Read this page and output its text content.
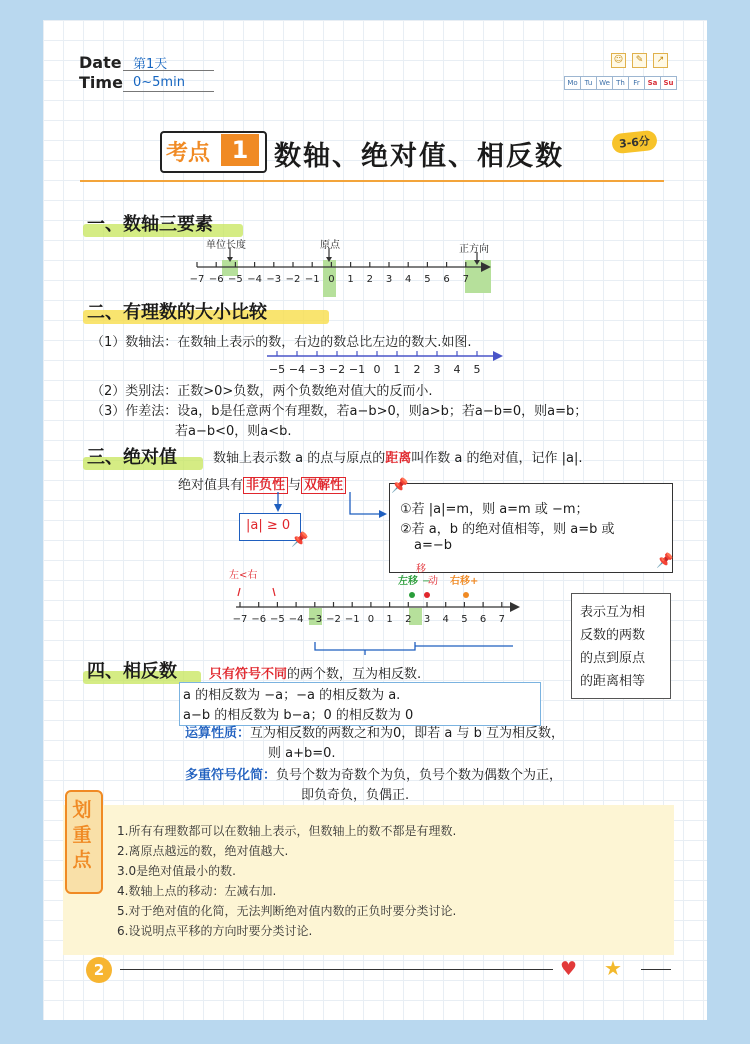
Date 第1天
Time 0~5min
☺	✎	↗
Mo	Tu We Th	Fr	Sa Su
考点 1 数轴、绝对值、相反数	3-6分
一、数轴三要素
单位长度	原点	正方向
−7 −6 −5 −4 −3 −2 −1 0 1 2 3 4 5 6 7
二、有理数的大小比较
（1）数轴法：在数轴上表示的数，右边的数总比左边的数大.如图.
−5 −4 −3 −2 −1 0 1 2 3 4 5
（2）类别法：正数>0>负数，两个负数绝对值大的反而小.
（3）作差法：设a，b是任意两个有理数，若a−b>0，则a>b；若a−b=0，则a=b；
若a−b<0，则a<b.
三、绝对值	数轴上表示数 a 的点与原点的距离叫作数 a 的绝对值，记作 |a|.
绝对值具有 非负性 与 双解性
|a| ≥ 0
📌
📌
①若 |a|=m，则 a=m 或 −m；
②若 a，b 的绝对值相等，则 a=b 或
a=−b
📌
左<右
移
左移 −
动 右移+
−7 −6 −5 −4 −3 −2 −1 0 1 2 3 4 5 6 7	表示互为相
反数的两数
的点到原点
的距离相等
四、相反数 只有符号不同的两个数，互为相反数.
a 的相反数为 −a；−a 的相反数为 a.
a−b 的相反数为 b−a；0 的相反数为 0
运算性质：互为相反数的两数之和为0，即若 a 与 b 互为相反数，
则 a+b=0.
多重符号化简：负号个数为奇数个为负，负号个数为偶数个为正，
即负奇负，负偶正.
划重点
1.所有有理数都可以在数轴上表示，但数轴上的数不都是有理数.
2.离原点越远的数，绝对值越大.
3.0是绝对值最小的数.
4.数轴上点的移动：左减右加.
5.对于绝对值的化简，无法判断绝对值内数的正负时要分类讨论.
6.设说明点平移的方向时要分类讨论.
2	♥ ★
